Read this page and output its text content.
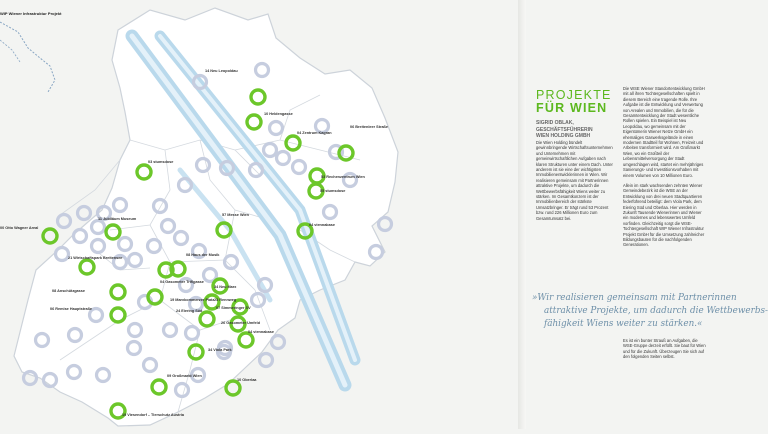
14 Neu Leopoldau
10 Heldengasse
04 Zentrum Kagran
06 Breitenleer Straße
03 stumsdose
53 Rechenzentrum Wien
55 stumsdose
04 viennabase
00 Otto Wagner Areal
11 Jubiläum Museum
57 Messe Wien
21 Wirtschaftspark Breitensee
08 Haus der Musik
04 Gasometer Triflgasse
34 Neu Marx
23 Rennweg
08 Anschützgasse
06 Remise Hauptstraße
19 Marxkommerzer Platz
24 Eiering Süd
07 Simmeringer SV
26 Gasometer Umfeld
04 viennabase
34 Viola Park
09 Großmarkt Wien
10 Oberlaa
19 Viesendorf – Tierschutz Austria
WIP Wiener Infrastruktur Projekt
PROJEKTE
FÜR WIEN
SIGRID OBLAK,
GESCHÄFTSFÜHRERIN
WIEN HOLDING GMBH

Die Wien Holding bündelt gewinnbringende Wirtschaftsunternehmen und Unternehmen mit gemeinwirtschaftlichen Aufgaben nach klaren Strukturen unter einem Dach. Unter anderem ist sie eine der wichtigsten Immobilienentwicklerinnen in Wien. Wir realisieren gemeinsam mit Partnerinnen attraktive Projekte, um dadurch die Wettbewerbsfähigkeit Wiens weiter zu stärken. Im Gesamtkonzern ist der Immobilienbereich der stärkste Umsatzbringer. Er trägt rund 53 Prozent bzw. rund 226 Millionen Euro zum Gesamtumsatz bei.

Die WSE Wiener Standortentwicklung GmbH mit all ihren Tochtergesellschaften spielt in diesem Bereich eine tragende Rolle. Ihre Aufgabe ist die Entwicklung und Verwertung von Arealen und Immobilien, die für die Gesamtentwicklung der Stadt wesentliche Rollen spielen. Ein Beispiel ist Neu Leopoldau, wo gemeinsam mit der Eigentümerin Wiener Netze GmbH ein ehemaliges Gaswerksgelände in einen modernen Stadtteil für Wohnen, Freizeit und Arbeiten transformiert wird. Am Großmarkt Wien, wo ein Großteil der Lebensmittelversorgung der Stadt umgeschlagen wird, startet ein mehrjähriges Sanierungs- und Investitionsvorhaben mit einem Volumen von 10 Millionen Euro.

Allein im stark wachsenden zehnten Wiener Gemeindebezirk ist die WSE an der Entwicklung von drei neuen Stadtquartieren federführend beteiligt: dem Viola Park, dem Eiering Süd und Oberlaa. Hier werden in Zukunft Tausende Wienerinnen und Wiener ein modernes und lebenswertes Umfeld vorfinden. Gleichzeitig sorgt die WSE-Tochtergesellschaft WIP Wiener Infrastruktur Projekt GmbH für die Umsetzung zahlreicher Bildungsbauten für die nachfolgenden Generationen.

»Wir realisieren gemeinsam mit Partnerinnen
attraktive Projekte, um dadurch die Wettbewerbs-
fähigkeit Wiens weiter zu stärken.«

Es ist ein bunter Strauß an Aufgaben, die WSE-Gruppe derzeit erfüllt. Sie baut für Wien und für die Zukunft. Überzeugen Sie sich auf den folgenden Seiten selbst.
